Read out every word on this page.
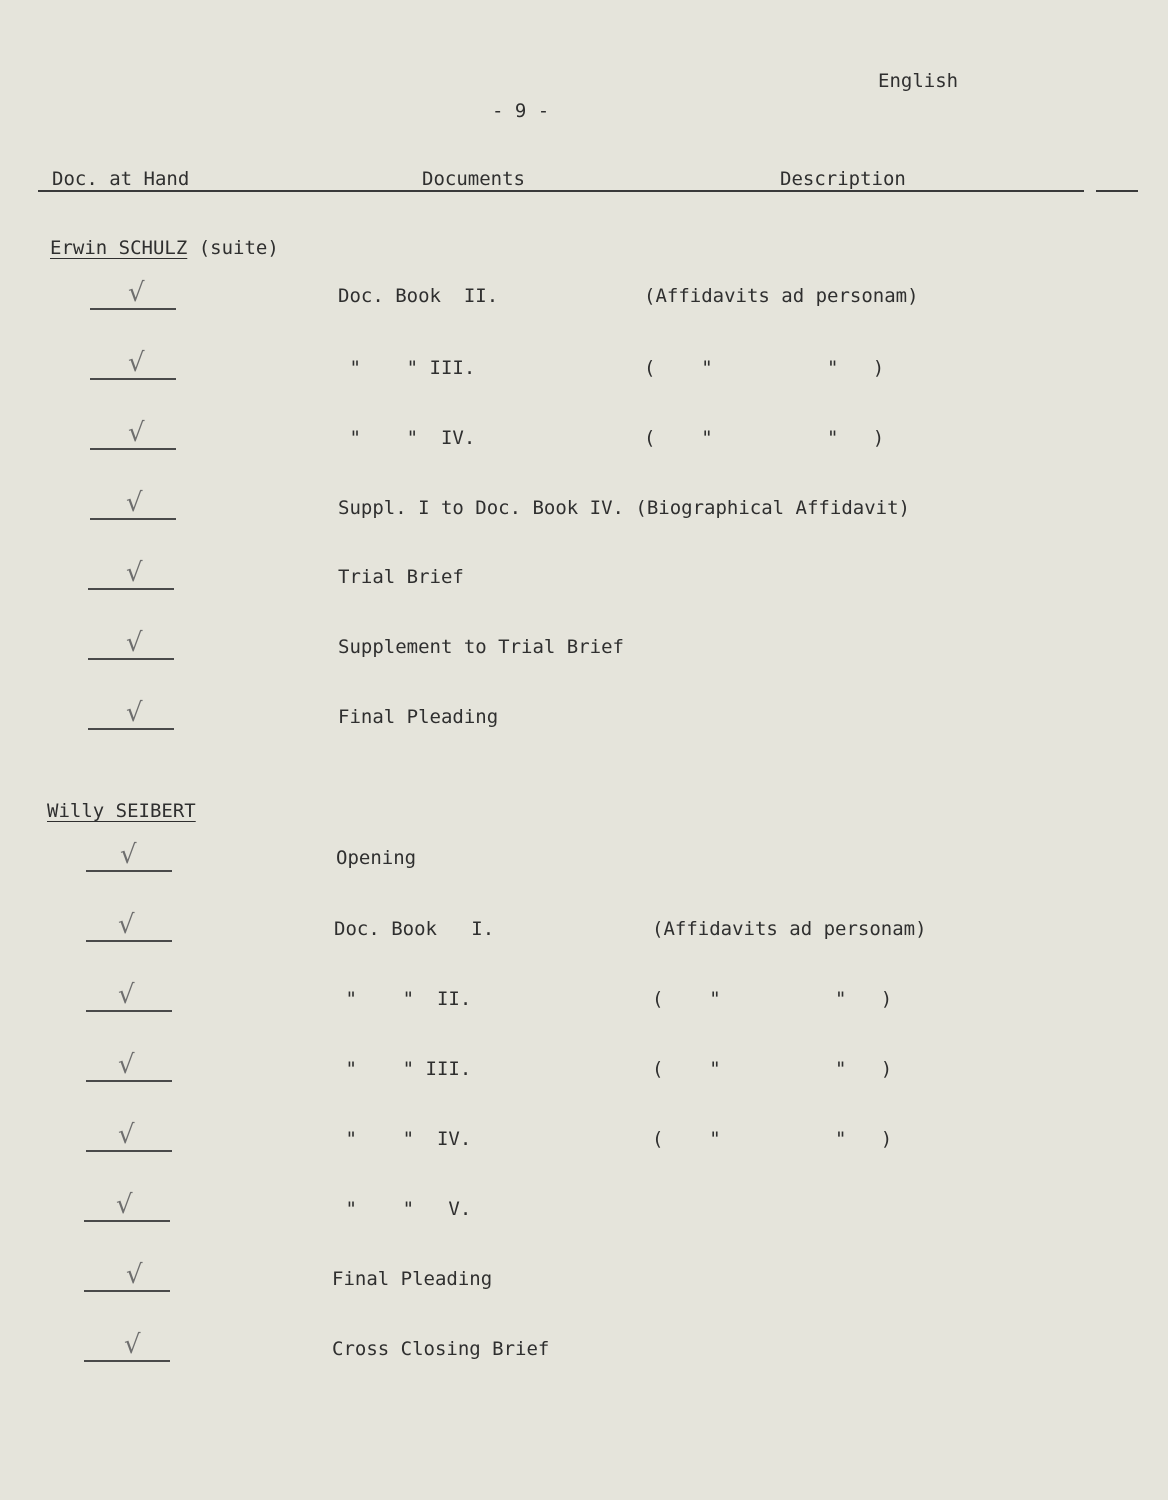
English
- 9 -
Doc. at Hand	Documents	Description
Erwin SCHULZ (suite)
√	Doc. Book  II.	(Affidavits ad personam)
√	"    " III.	(    "          "   )
√	"    "  IV.	(    "          "   )
√	Suppl. I to Doc. Book IV. (Biographical Affidavit)
√	Trial Brief
√	Supplement to Trial Brief
√	Final Pleading
Willy SEIBERT
√	Opening
√	Doc. Book   I.	(Affidavits ad personam)
√	"    "  II.	(    "          "   )
√	"    " III.	(    "          "   )
√	"    "  IV.	(    "          "   )
√	"    "   V.
√	Final Pleading
√	Cross Closing Brief
